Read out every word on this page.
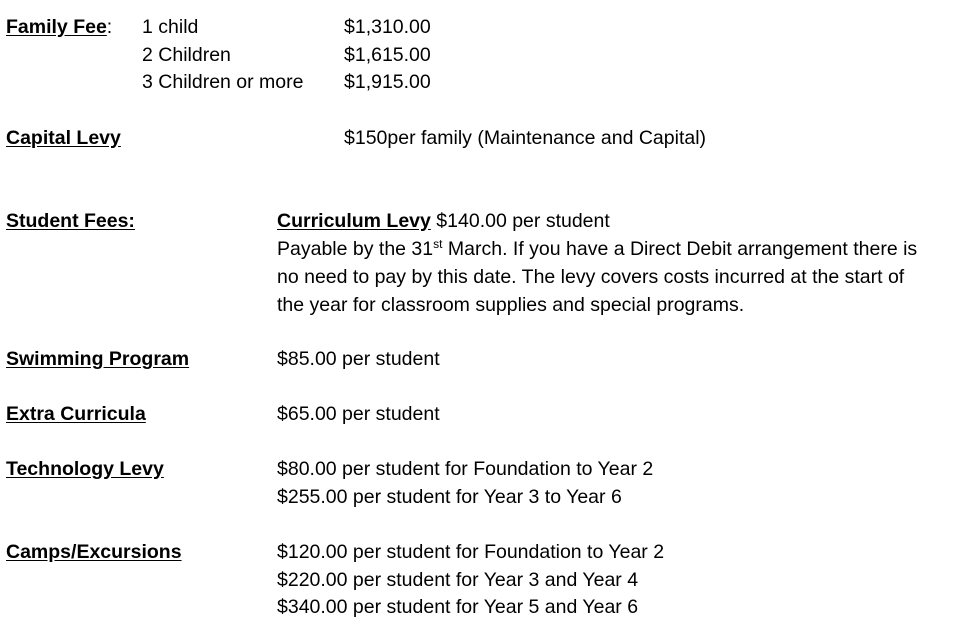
Family Fee: 1 child	$1,310.00
2 Children	$1,615.00
3 Children or more $1,915.00
Capital Levy	$150per family (Maintenance and Capital)
Student Fees:	Curriculum Levy $140.00 per student
Payable by the 31st March. If you have a Direct Debit arrangement there is
no need to pay by this date. The levy covers costs incurred at the start of
the year for classroom supplies and special programs.
Swimming Program	$85.00 per student
Extra Curricula	$65.00 per student
Technology Levy	$80.00 per student for Foundation to Year 2
$255.00 per student for Year 3 to Year 6
Camps/Excursions	$120.00 per student for Foundation to Year 2
$220.00 per student for Year 3 and Year 4
$340.00 per student for Year 5 and Year 6
